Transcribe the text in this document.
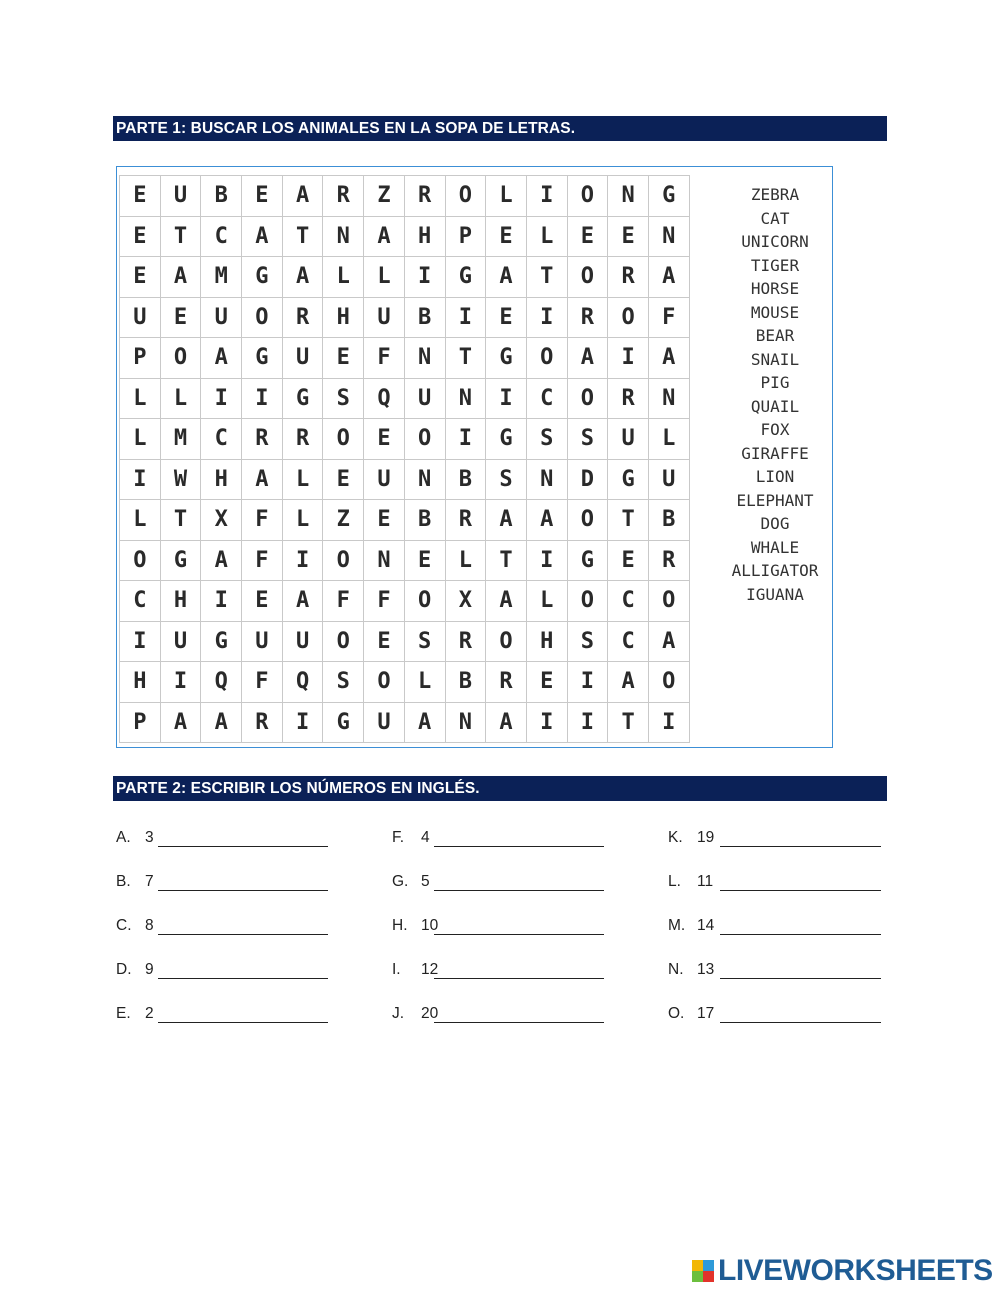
PARTE 1: BUSCAR LOS ANIMALES EN LA SOPA DE LETRAS.
E	U	B	E	A	R	Z	R	O	L	I	O	N	G
E	T	C	A	T	N	A	H	P	E	L	E	E	N
E	A	M	G	A	L	L	I	G	A	T	O	R	A
U	E	U	O	R	H	U	B	I	E	I	R	O	F
P	O	A	G	U	E	F	N	T	G	O	A	I	A
L	L	I	I	G	S	Q	U	N	I	C	O	R	N
L	M	C	R	R	O	E	O	I	G	S	S	U	L
I	W	H	A	L	E	U	N	B	S	N	D	G	U
L	T	X	F	L	Z	E	B	R	A	A	O	T	B
O	G	A	F	I	O	N	E	L	T	I	G	E	R
C	H	I	E	A	F	F	O	X	A	L	O	C	O
I	U	G	U	U	O	E	S	R	O	H	S	C	A
H	I	Q	F	Q	S	O	L	B	R	E	I	A	O
P	A	A	R	I	G	U	A	N	A	I	I	T	I
ZEBRA
CAT
UNICORN
TIGER
HORSE
MOUSE
BEAR
SNAIL
PIG
QUAIL
FOX
GIRAFFE
LION
ELEPHANT
DOG
WHALE
ALLIGATOR
IGUANA
PARTE 2: ESCRIBIR LOS NÚMEROS EN INGLÉS.
A. 3
B. 7
C. 8
D. 9
E. 2
F. 4
G. 5
H. 10
I. 12
J. 20
K. 19
L. 11
M. 14
N. 13
O. 17
LIVEWORKSHEETS
